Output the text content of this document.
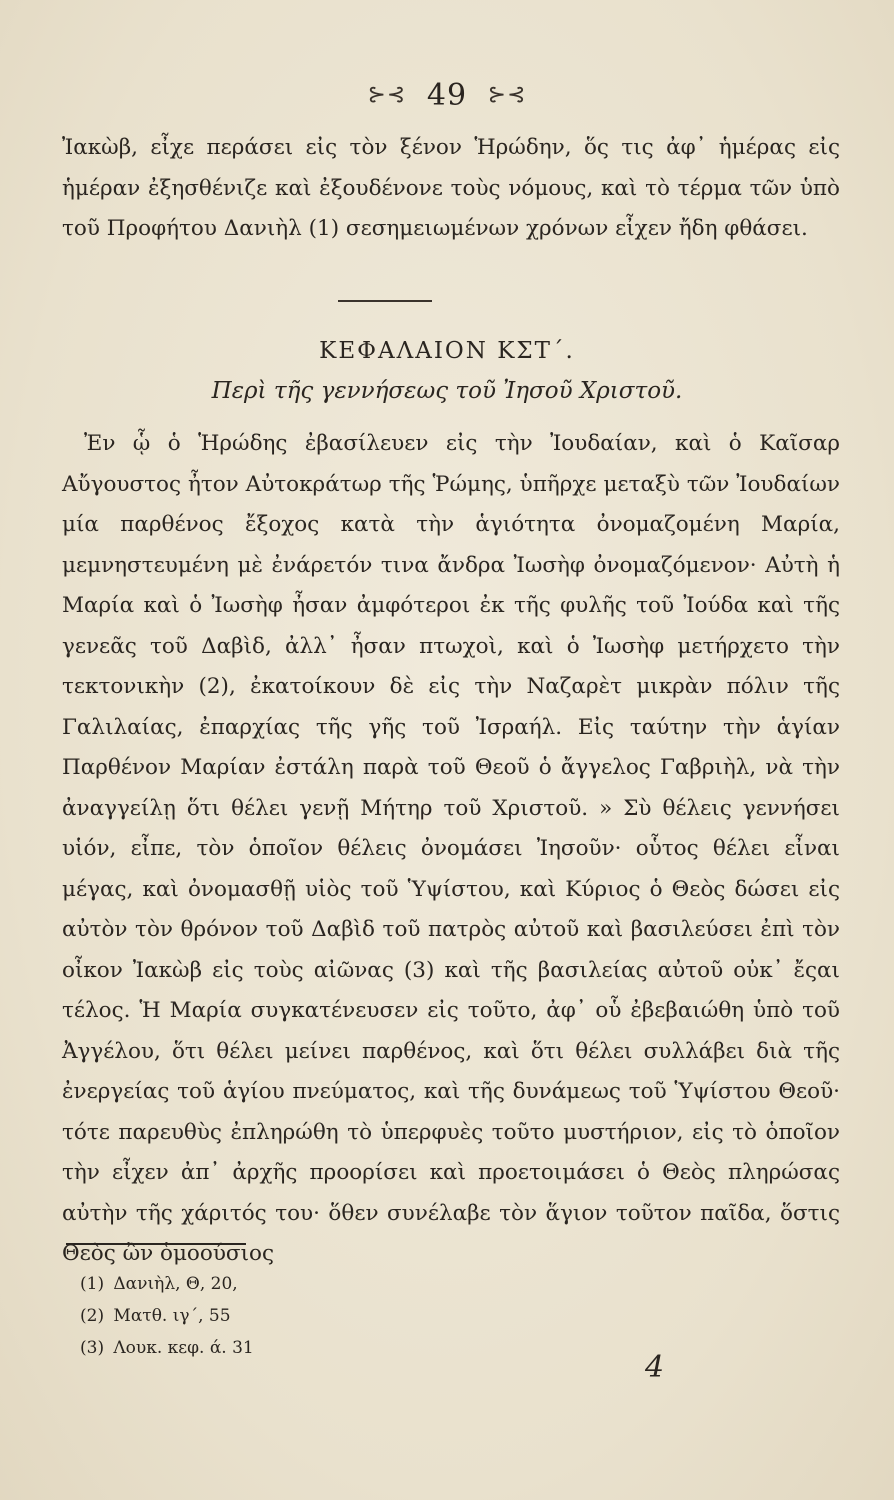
⊱⊰ 49 ⊱⊰

Ἰακὼβ, εἶχε περάσει εἰς τὸν ξένον Ἡρώδην, ὅς τις ἀφ᾽ ἡμέρας εἰς ἡμέραν ἐξησθένιζε καὶ ἐξουδένονε τοὺς νόμους, καὶ τὸ τέρμα τῶν ὑπὸ τοῦ Προφήτου Δανιὴλ (1) σεσημειωμένων χρόνων εἶχεν ἤδη φθάσει.

ΚΕΦΑΛΑΙΟΝ ΚΣΤ΄.
Περὶ τῆς γεννήσεως τοῦ Ἰησοῦ Χριστοῦ.

Ἐν ᾧ ὁ Ἡρώδης ἐβασίλευεν εἰς τὴν Ἰουδαίαν, καὶ ὁ Καῖσαρ Αὔγουστος ἦτον Αὐτοκράτωρ τῆς Ῥώμης, ὑπῆρχε μεταξὺ τῶν Ἰουδαίων μία παρθένος ἔξοχος κατὰ τὴν ἁγιότητα ὀνομαζομένη Μαρία, μεμνηστευμένη μὲ ἐνάρετόν τινα ἄνδρα Ἰωσὴφ ὀνομαζόμενον· Αὐτὴ ἡ Μαρία καὶ ὁ Ἰωσὴφ ἦσαν ἀμφότεροι ἐκ τῆς φυλῆς τοῦ Ἰούδα καὶ τῆς γενεᾶς τοῦ Δαβὶδ, ἀλλ᾽ ἦσαν πτωχοὶ, καὶ ὁ Ἰωσὴφ μετήρχετο τὴν τεκτονικὴν (2), ἐκατοίκουν δὲ εἰς τὴν Ναζαρὲτ μικρὰν πόλιν τῆς Γαλιλαίας, ἐπαρχίας τῆς γῆς τοῦ Ἰσραήλ. Εἰς ταύτην τὴν ἁγίαν Παρθένον Μαρίαν ἐστάλη παρὰ τοῦ Θεοῦ ὁ ἄγγελος Γαβριὴλ, νὰ τὴν ἀναγγείλῃ ὅτι θέλει γενῇ Μήτηρ τοῦ Χριστοῦ. » Σὺ θέλεις γεννήσει υἱόν, εἶπε, τὸν ὁποῖον θέλεις ὀνομάσει Ἰησοῦν· οὗτος θέλει εἶναι μέγας, καὶ ὀνομασθῇ υἱὸς τοῦ Ὑψίστου, καὶ Κύριος ὁ Θεὸς δώσει εἰς αὐτὸν τὸν θρόνον τοῦ Δαβὶδ τοῦ πατρὸς αὐτοῦ καὶ βασιλεύσει ἐπὶ τὸν οἶκον Ἰακὼβ εἰς τοὺς αἰῶνας (3) καὶ τῆς βασιλείας αὐτοῦ οὐκ᾽ ἔςαι τέλος. Ἡ Μαρία συγκατένευσεν εἰς τοῦτο, ἀφ᾽ οὗ ἐβεβαιώθη ὑπὸ τοῦ Ἀγγέλου, ὅτι θέλει μείνει παρθένος, καὶ ὅτι θέλει συλλάβει διὰ τῆς ἐνεργείας τοῦ ἁγίου πνεύματος, καὶ τῆς δυνάμεως τοῦ Ὑψίστου Θεοῦ· τότε παρευθὺς ἐπληρώθη τὸ ὑπερφυὲς τοῦτο μυστήριον, εἰς τὸ ὁποῖον τὴν εἶχεν ἀπ᾽ ἀρχῆς προορίσει καὶ προετοιμάσει ὁ Θεὸς πληρώσας αὐτὴν τῆς χάριτός του· ὅθεν συνέλαβε τὸν ἅγιον τοῦτον παῖδα, ὅστις Θεὸς ὢν ὁμοούσιος

(1) Δανιὴλ, Θ, 20,
(2) Ματθ. ιγ΄, 55
(3) Λουκ. κεφ. ά. 31
4
